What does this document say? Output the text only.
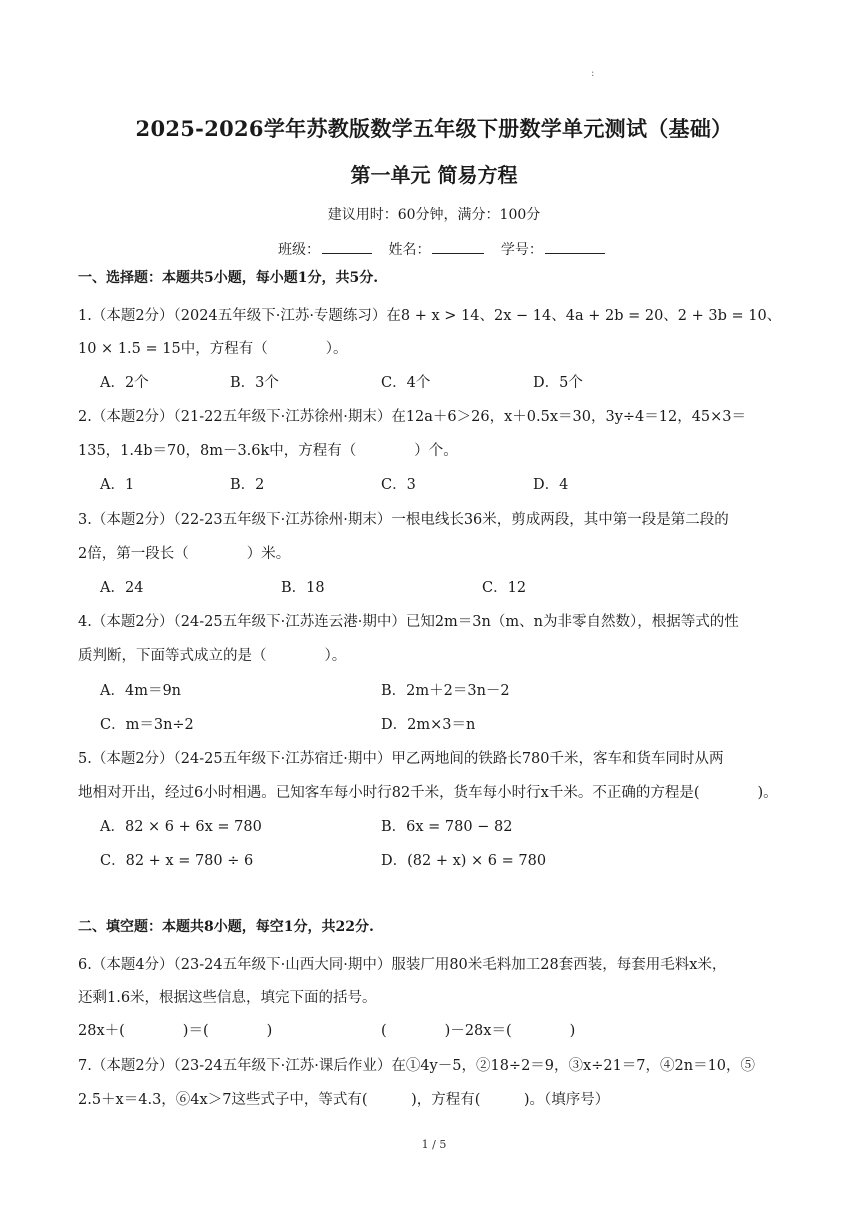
:
2025-2026学年苏教版数学五年级下册数学单元测试（基础）
第一单元 简易方程
建议用时：60分钟，满分：100分
班级：	姓名：	学号：
一、选择题：本题共5小题，每小题1分，共5分.
1.（本题2分）（2024五年级下·江苏·专题练习）在8 + x > 14、2x − 14、4a + 2b = 20、2 + 3b = 10、
10 × 1.5 = 15中，方程有（　　　　）。
A．2个	B．3个	C．4个	D．5个
2.（本题2分）（21-22五年级下·江苏徐州·期末）在12a＋6＞26，x＋0.5x＝30，3y÷4＝12，45×3＝
135，1.4b＝70，8m－3.6k中，方程有（　　　　）个。
A．1	B．2	C．3	D．4
3.（本题2分）（22-23五年级下·江苏徐州·期末）一根电线长36米，剪成两段，其中第一段是第二段的
2倍，第一段长（　　　　）米。
A．24	B．18	C．12
4.（本题2分）（24-25五年级下·江苏连云港·期中）已知2m＝3n（m、n为非零自然数），根据等式的性
质判断，下面等式成立的是（　　　　）。
A．4m＝9n	B．2m＋2＝3n－2
C．m＝3n÷2	D．2m×3＝n
5.（本题2分）（24-25五年级下·江苏宿迁·期中）甲乙两地间的铁路长780千米，客车和货车同时从两
地相对开出，经过6小时相遇。已知客车每小时行82千米，货车每小时行x千米。不正确的方程是(　　　　)。
A．82 × 6 + 6x = 780	B．6x = 780 − 82
C．82 + x = 780 ÷ 6	D．(82 + x) × 6 = 780
二、填空题：本题共8小题，每空1分，共22分.
6.（本题4分）（23-24五年级下·山西大同·期中）服装厂用80米毛料加工28套西装，每套用毛料x米，
还剩1.6米，根据这些信息，填完下面的括号。
28x＋(　　　　)＝(　　　　)	(　　　　)－28x＝(　　　　)
7.（本题2分）（23-24五年级下·江苏·课后作业）在①4y－5，②18÷2＝9，③x÷21＝7，④2n＝10，⑤
2.5＋x＝4.3，⑥4x＞7这些式子中，等式有(　　　)，方程有(　　　)。（填序号）
1 / 5
